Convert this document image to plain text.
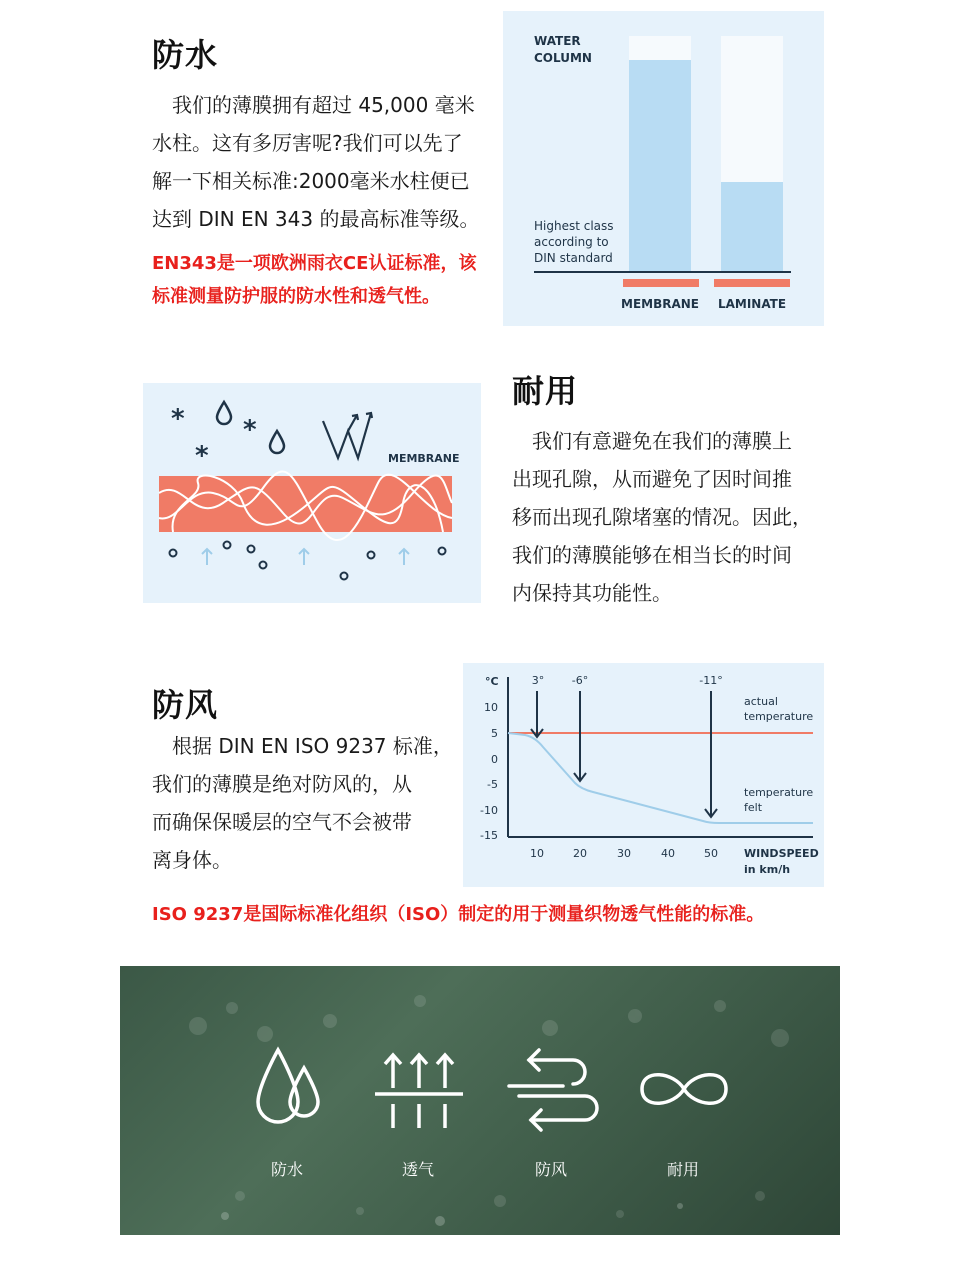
防水
我们的薄膜拥有超过 45,000 毫米
水柱。这有多厉害呢?我们可以先了
解一下相关标准:2000毫米水柱便已
达到 DIN EN 343 的最高标准等级。
EN343是一项欧洲雨衣CE认证标准，该
标准测量防护服的防水性和透气性。
WATER
COLUMN
Highest class
according to
DIN standard
MEMBRANE LAMINATE
* *
*	MEMBRANE
耐用
我们有意避免在我们的薄膜上
出现孔隙，从而避免了因时间推
移而出现孔隙堵塞的情况。因此，
我们的薄膜能够在相当长的时间
内保持其功能性。
防风
根据 DIN EN ISO 9237 标准，
我们的薄膜是绝对防风的，从
而确保保暖层的空气不会被带
离身体。
°C
10
5
0
-5
-10
-15
10	20	30	40	50 WINDSPEED
in km/h
3°	-6°	-11°
actual
temperature
temperature
felt
ISO 9237是国际标准化组织（ISO）制定的用于测量织物透气性能的标准。
防水	透气	防风	耐用
